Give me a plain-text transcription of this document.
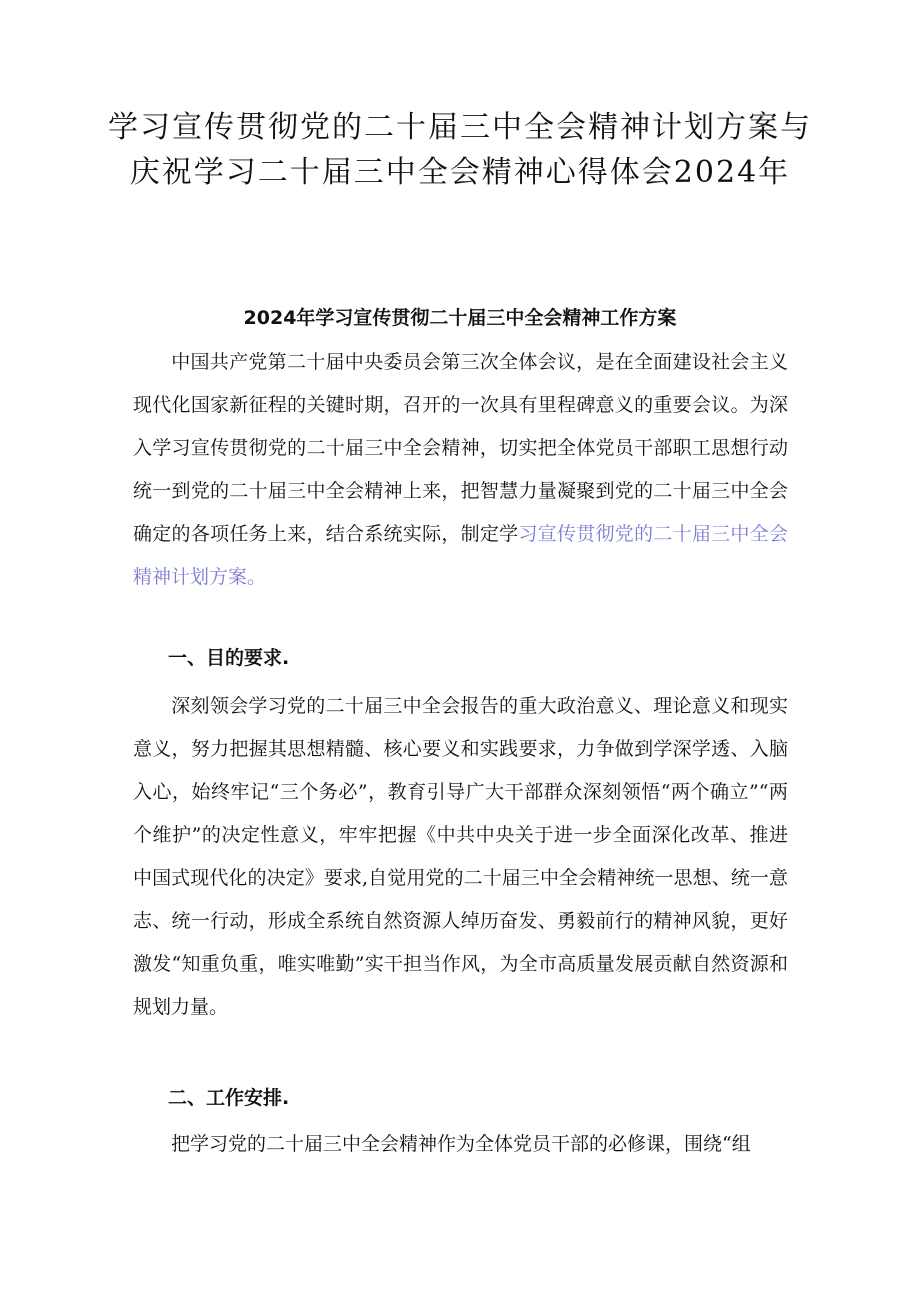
学习宣传贯彻党的二十届三中全会精神计划方案与
庆祝学习二十届三中全会精神心得体会2024年
2024年学习宣传贯彻二十届三中全会精神工作方案

中国共产党第二十届中央委员会第三次全体会议，是在全面建设社会主义现代化国家新征程的关键时期，召开的一次具有里程碑意义的重要会议。为深入学习宣传贯彻党的二十届三中全会精神，切实把全体党员干部职工思想行动统一到党的二十届三中全会精神上来，把智慧力量凝聚到党的二十届三中全会确定的各项任务上来，结合系统实际，制定学习宣传贯彻党的二十届三中全会精神计划方案。

一、目的要求.

深刻领会学习党的二十届三中全会报告的重大政治意义、理论意义和现实意义，努力把握其思想精髓、核心要义和实践要求，力争做到学深学透、入脑入心，始终牢记“三个务必”，教育引导广大干部群众深刻领悟“两个确立”“两个维护”的决定性意义，牢牢把握《中共中央关于进一步全面深化改革、推进中国式现代化的决定》要求,自觉用党的二十届三中全会精神统一思想、统一意志、统一行动，形成全系统自然资源人绰历奋发、勇毅前行的精神风貌，更好激发“知重负重，唯实唯勤”实干担当作风，为全市高质量发展贡献自然资源和规划力量。

二、工作安排.

把学习党的二十届三中全会精神作为全体党员干部的必修课，围绕“组
